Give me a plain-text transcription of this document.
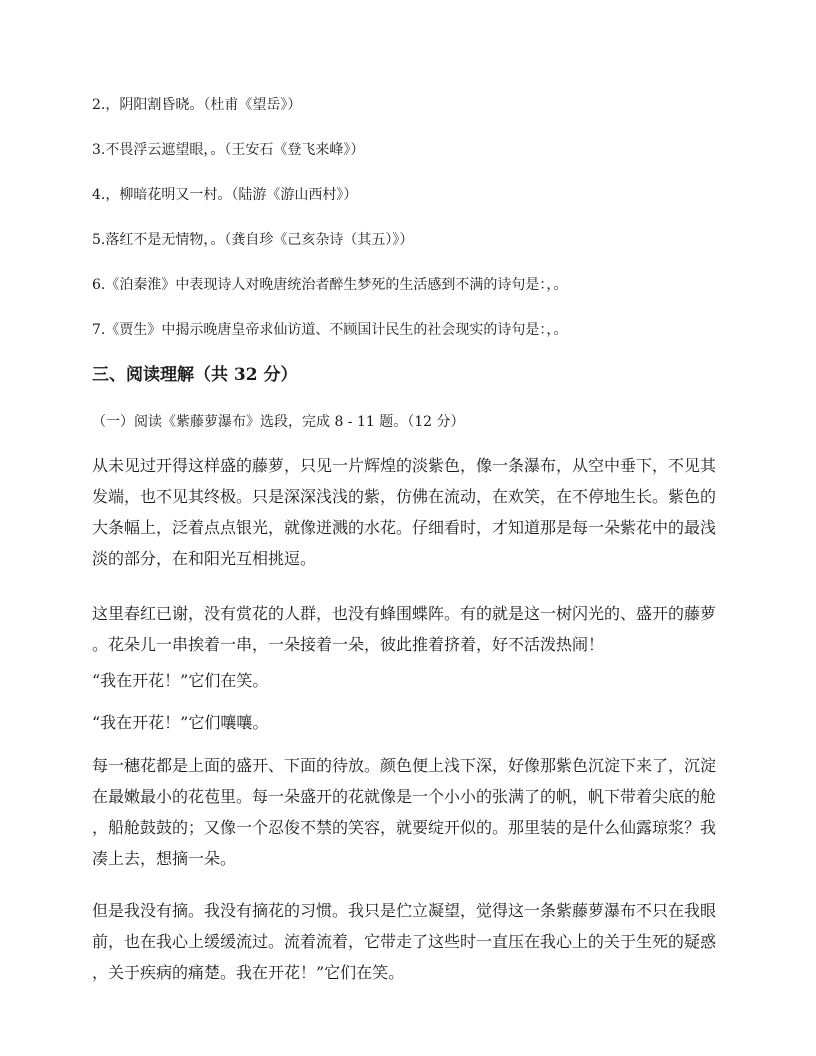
2.，阴阳割昏晓。（杜甫《望岳》）
3.不畏浮云遮望眼，。（王安石《登飞来峰》）
4.，柳暗花明又一村。（陆游《游山西村》）
5.落红不是无情物，。（龚自珍《己亥杂诗（其五）》）
6.《泊秦淮》中表现诗人对晚唐统治者醉生梦死的生活感到不满的诗句是：，。
7.《贾生》中揭示晚唐皇帝求仙访道、不顾国计民生的社会现实的诗句是：，。
三、阅读理解（共 32 分）
（一）阅读《紫藤萝瀑布》选段，完成 8 - 11 题。（12 分）

从未见过开得这样盛的藤萝，只见一片辉煌的淡紫色，像一条瀑布，从空中垂下，不见其

发端，也不见其终极。只是深深浅浅的紫，仿佛在流动，在欢笑，在不停地生长。紫色的

大条幅上，泛着点点银光，就像迸溅的水花。仔细看时，才知道那是每一朵紫花中的最浅

淡的部分，在和阳光互相挑逗。

这里春红已谢，没有赏花的人群，也没有蜂围蝶阵。有的就是这一树闪光的、盛开的藤萝

。花朵儿一串挨着一串，一朵接着一朵，彼此推着挤着，好不活泼热闹！

“我在开花！”它们在笑。

“我在开花！”它们嚷嚷。

每一穗花都是上面的盛开、下面的待放。颜色便上浅下深，好像那紫色沉淀下来了，沉淀

在最嫩最小的花苞里。每一朵盛开的花就像是一个小小的张满了的帆，帆下带着尖底的舱

，船舱鼓鼓的；又像一个忍俊不禁的笑容，就要绽开似的。那里装的是什么仙露琼浆？我

凑上去，想摘一朵。

但是我没有摘。我没有摘花的习惯。我只是伫立凝望，觉得这一条紫藤萝瀑布不只在我眼

前，也在我心上缓缓流过。流着流着，它带走了这些时一直压在我心上的关于生死的疑惑

，关于疾病的痛楚。我在开花！”它们在笑。
